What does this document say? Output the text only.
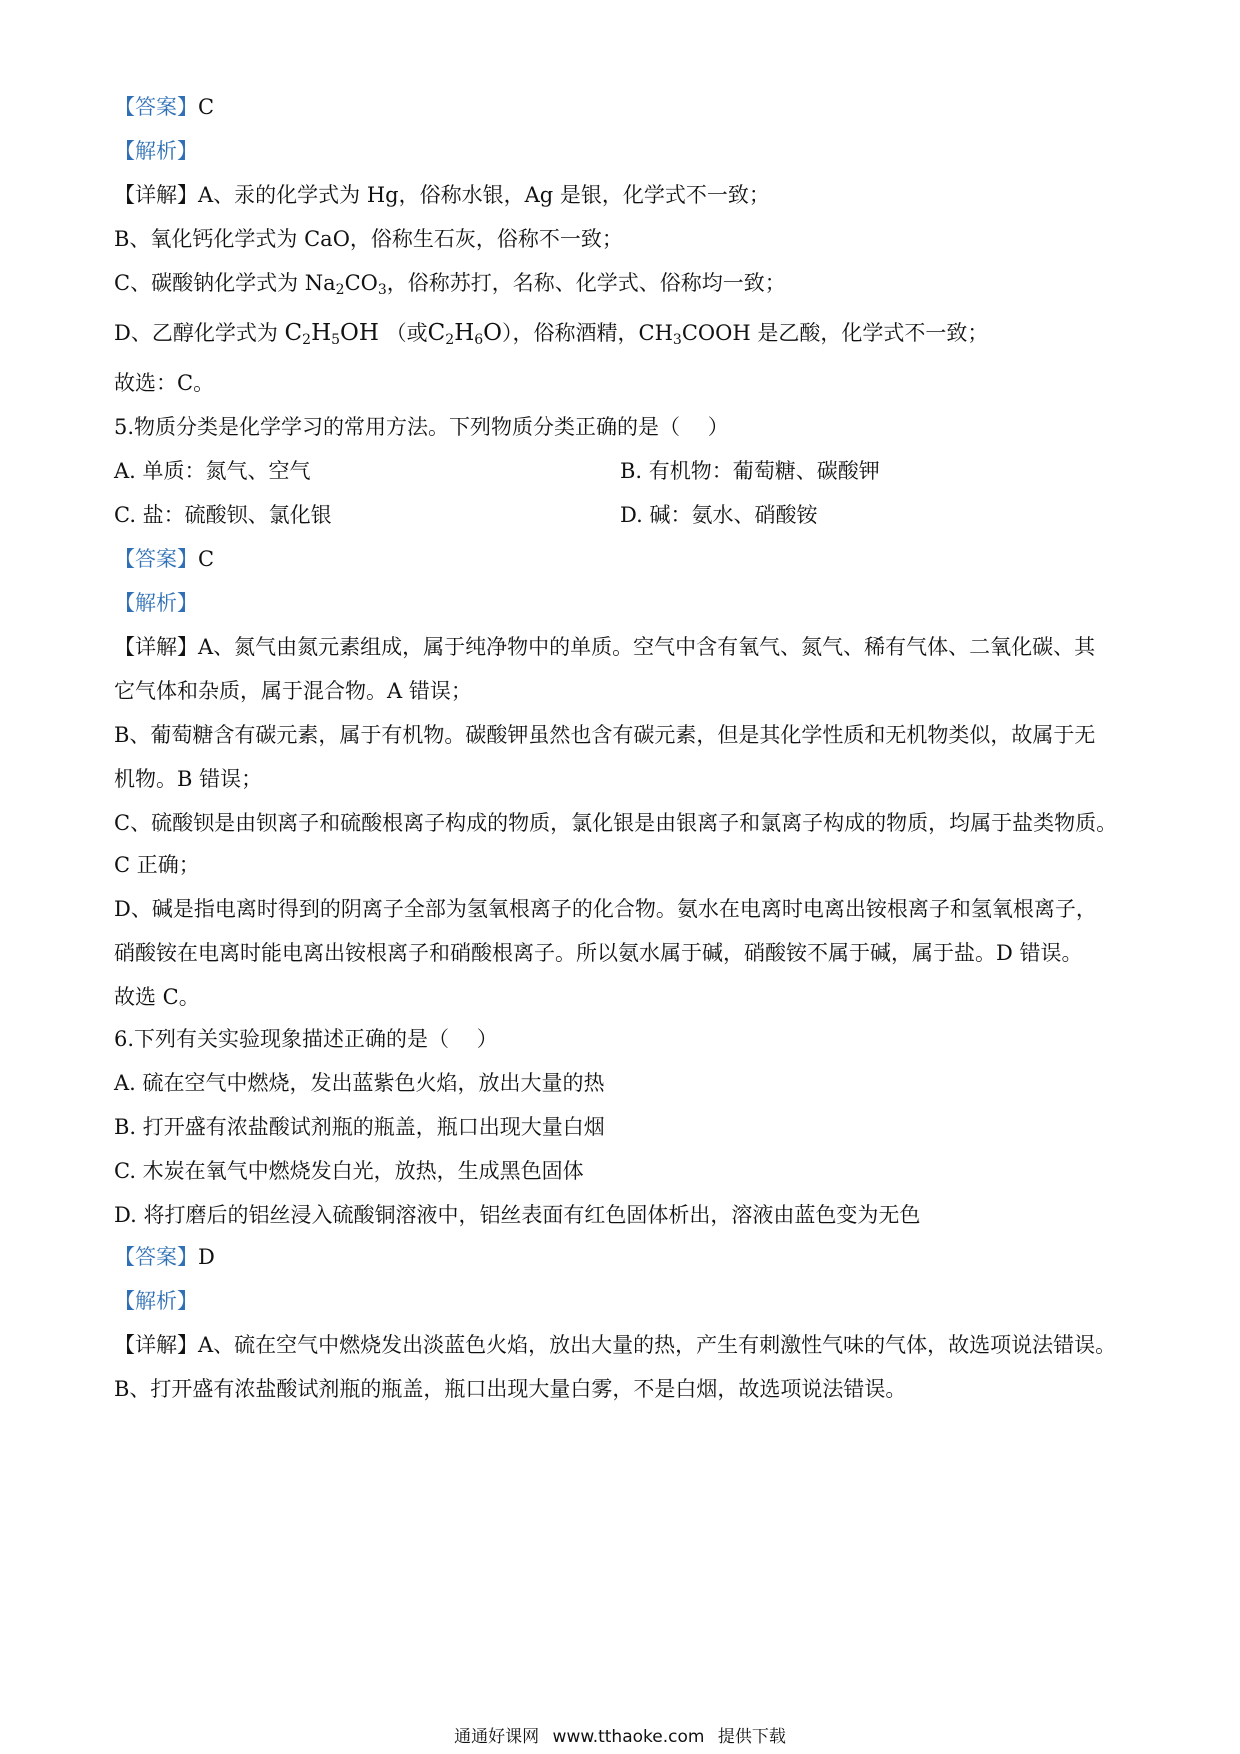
【答案】C
【解析】
【详解】A、汞的化学式为 Hg，俗称水银，Ag 是银，化学式不一致；
B、氧化钙化学式为 CaO，俗称生石灰，俗称不一致；
C、碳酸钠化学式为 $Na_2CO_3$，俗称苏打，名称、化学式、俗称均一致；
D、乙醇化学式为 $C_2H_5OH$ （或$C_2H_6O$），俗称酒精，$CH_3COOH$ 是乙酸，化学式不一致；
故选：C。
5.物质分类是化学学习的常用方法。下列物质分类正确的是（　 ）
A. 单质：氮气、空气	B. 有机物：葡萄糖、碳酸钾
C. 盐：硫酸钡、氯化银	D. 碱：氨水、硝酸铵
【答案】C
【解析】
【详解】A、氮气由氮元素组成，属于纯净物中的单质。空气中含有氧气、氮气、稀有气体、二氧化碳、其
它气体和杂质，属于混合物。A 错误；
B、葡萄糖含有碳元素，属于有机物。碳酸钾虽然也含有碳元素，但是其化学性质和无机物类似，故属于无
机物。B 错误；
C、硫酸钡是由钡离子和硫酸根离子构成的物质，氯化银是由银离子和氯离子构成的物质，均属于盐类物质。
C 正确；
D、碱是指电离时得到的阴离子全部为氢氧根离子的化合物。氨水在电离时电离出铵根离子和氢氧根离子，
硝酸铵在电离时能电离出铵根离子和硝酸根离子。所以氨水属于碱，硝酸铵不属于碱，属于盐。D 错误。
故选 C。
6.下列有关实验现象描述正确的是（　 ）
A. 硫在空气中燃烧，发出蓝紫色火焰，放出大量的热
B. 打开盛有浓盐酸试剂瓶的瓶盖，瓶口出现大量白烟
C. 木炭在氧气中燃烧发白光，放热，生成黑色固体
D. 将打磨后的铝丝浸入硫酸铜溶液中，铝丝表面有红色固体析出，溶液由蓝色变为无色
【答案】D
【解析】
【详解】A、硫在空气中燃烧发出淡蓝色火焰，放出大量的热，产生有刺激性气味的气体，故选项说法错误。
B、打开盛有浓盐酸试剂瓶的瓶盖，瓶口出现大量白雾，不是白烟，故选项说法错误。
通通好课网 www.tthaoke.com 提供下载
